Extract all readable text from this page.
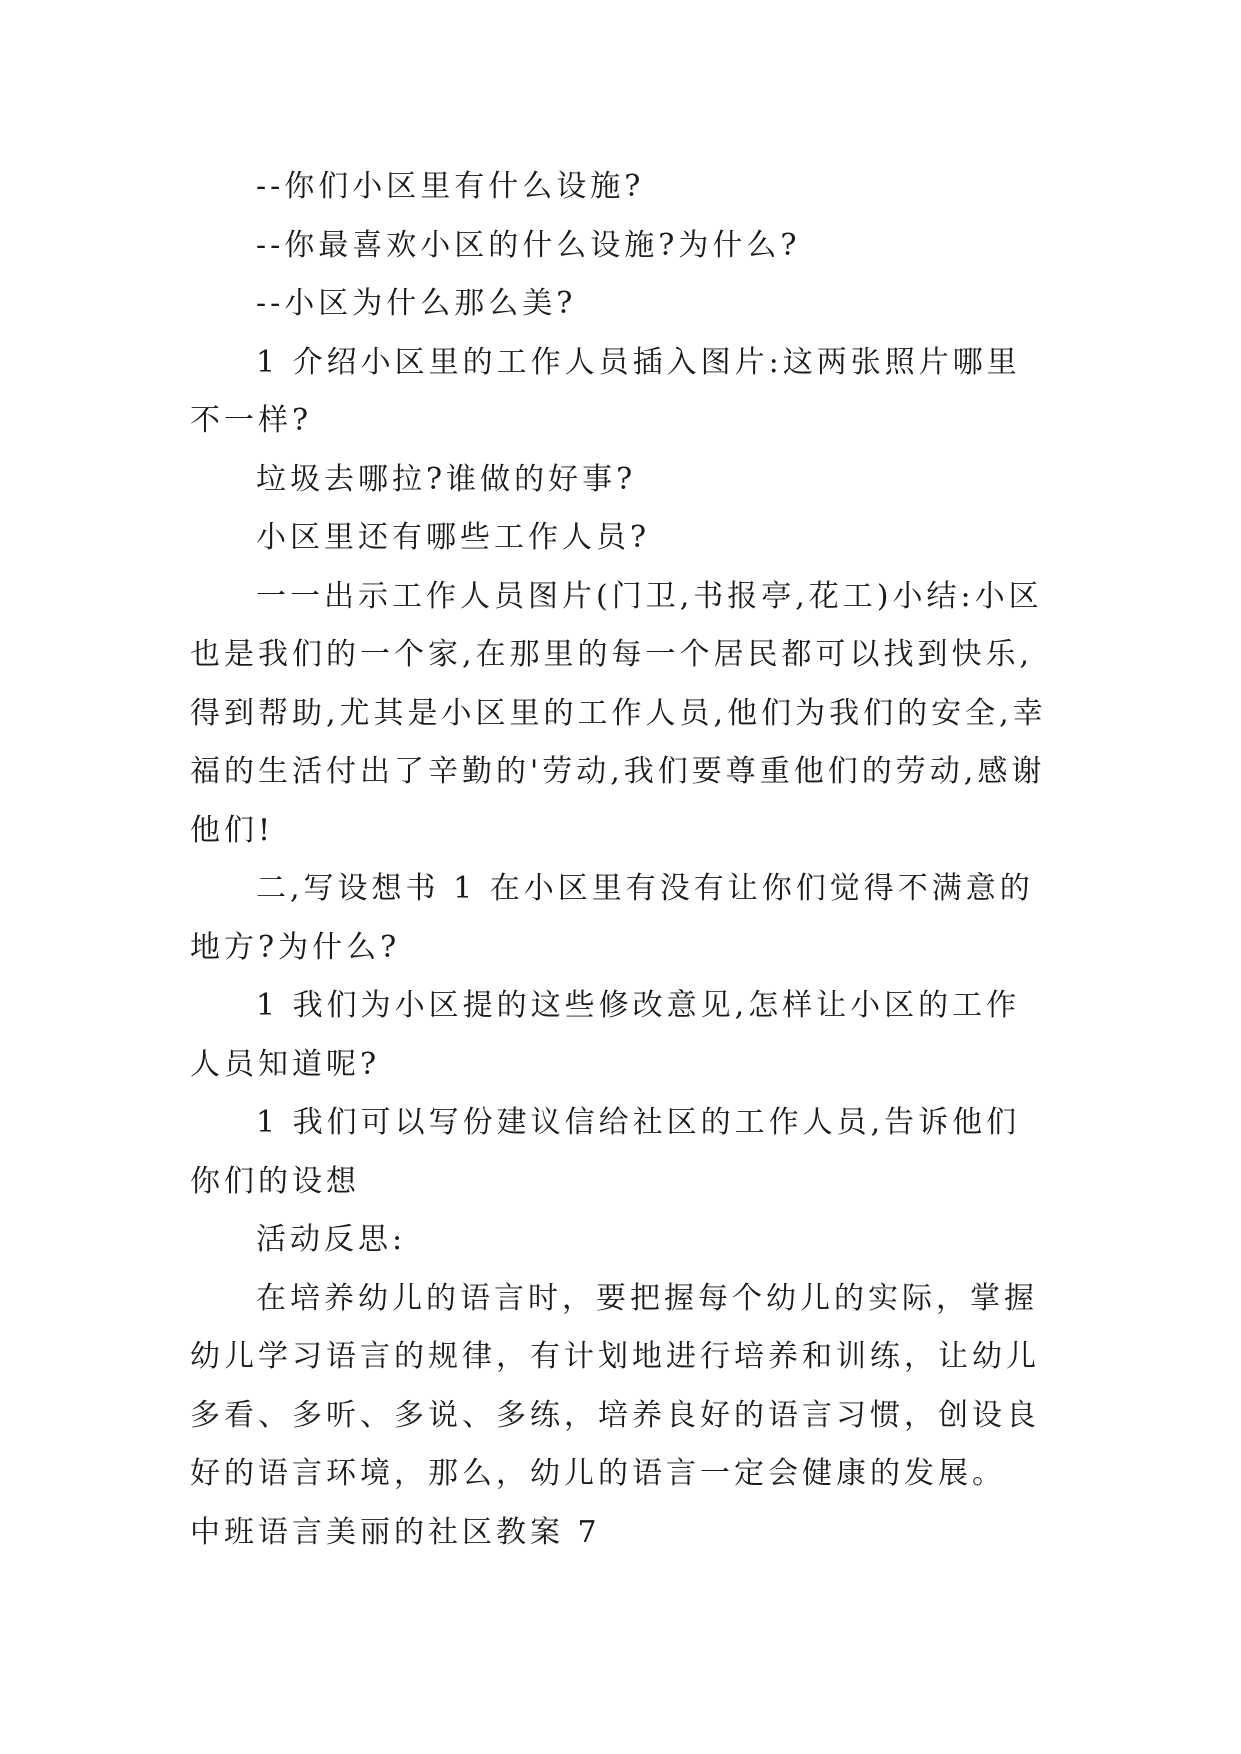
--你们小区里有什么设施?

--你最喜欢小区的什么设施?为什么?

--小区为什么那么美?

1 介绍小区里的工作人员插入图片:这两张照片哪里不一样?

垃圾去哪拉?谁做的好事?

小区里还有哪些工作人员?

一一出示工作人员图片(门卫,书报亭,花工)小结:小区也是我们的一个家,在那里的每一个居民都可以找到快乐,得到帮助,尤其是小区里的工作人员,他们为我们的安全,幸福的生活付出了辛勤的'劳动,我们要尊重他们的劳动,感谢他们!

二,写设想书 1 在小区里有没有让你们觉得不满意的地方?为什么?

1 我们为小区提的这些修改意见,怎样让小区的工作人员知道呢?

1 我们可以写份建议信给社区的工作人员,告诉他们你们的设想

活动反思:

在培养幼儿的语言时，要把握每个幼儿的实际，掌握幼儿学习语言的规律，有计划地进行培养和训练，让幼儿多看、多听、多说、多练，培养良好的语言习惯，创设良好的语言环境，那么，幼儿的语言一定会健康的发展。

中班语言美丽的社区教案 7
